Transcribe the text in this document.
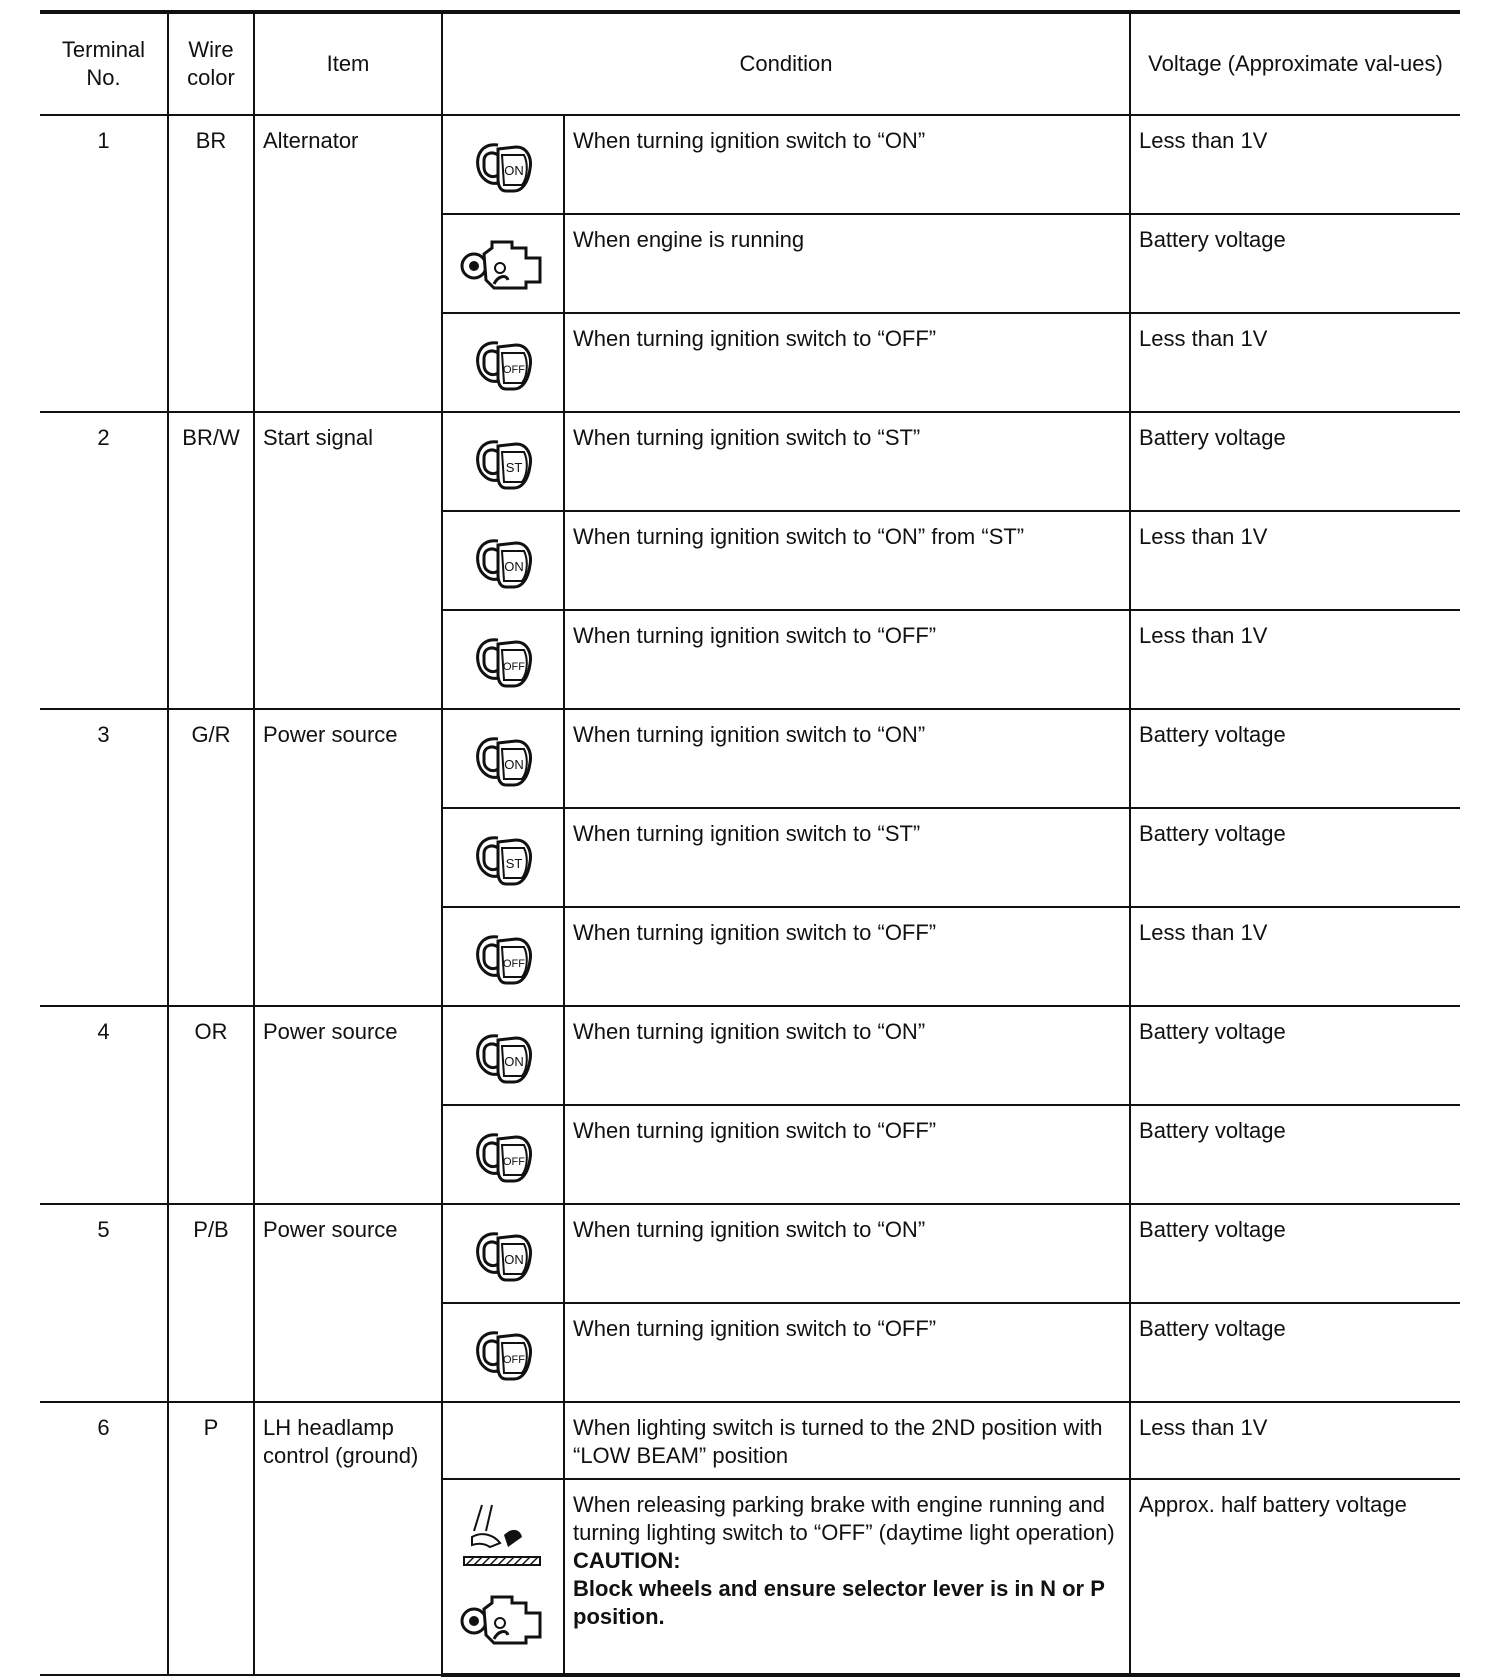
Terminal No.	Wire color	Item	Condition		Voltage (Approximate val-ues)
1	BR	Alternator	ON	When turning ignition switch to “ON”	Less than 1V

When engine is running	Battery voltage

OFF	When turning ignition switch to “OFF”	Less than 1V
2	BR/W	Start signal	ST	When turning ignition switch to “ST”	Battery voltage

ON	When turning ignition switch to “ON” from “ST”	Less than 1V

OFF	When turning ignition switch to “OFF”	Less than 1V
3	G/R	Power source	ON	When turning ignition switch to “ON”	Battery voltage

ST	When turning ignition switch to “ST”	Battery voltage

OFF	When turning ignition switch to “OFF”	Less than 1V
4	OR	Power source	ON	When turning ignition switch to “ON”	Battery voltage

OFF	When turning ignition switch to “OFF”	Battery voltage
5	P/B	Power source	ON	When turning ignition switch to “ON”	Battery voltage

OFF	When turning ignition switch to “OFF”	Battery voltage
6	P	LH headlamp control (ground)		When lighting switch is turned to the 2ND position with “LOW BEAM” position	Less than 1V

When releasing parking brake with engine running and turning lighting switch to “OFF” (daytime light operation)
CAUTION:
Block wheels and ensure selector lever is in N or P position.	Approx. half battery voltage
